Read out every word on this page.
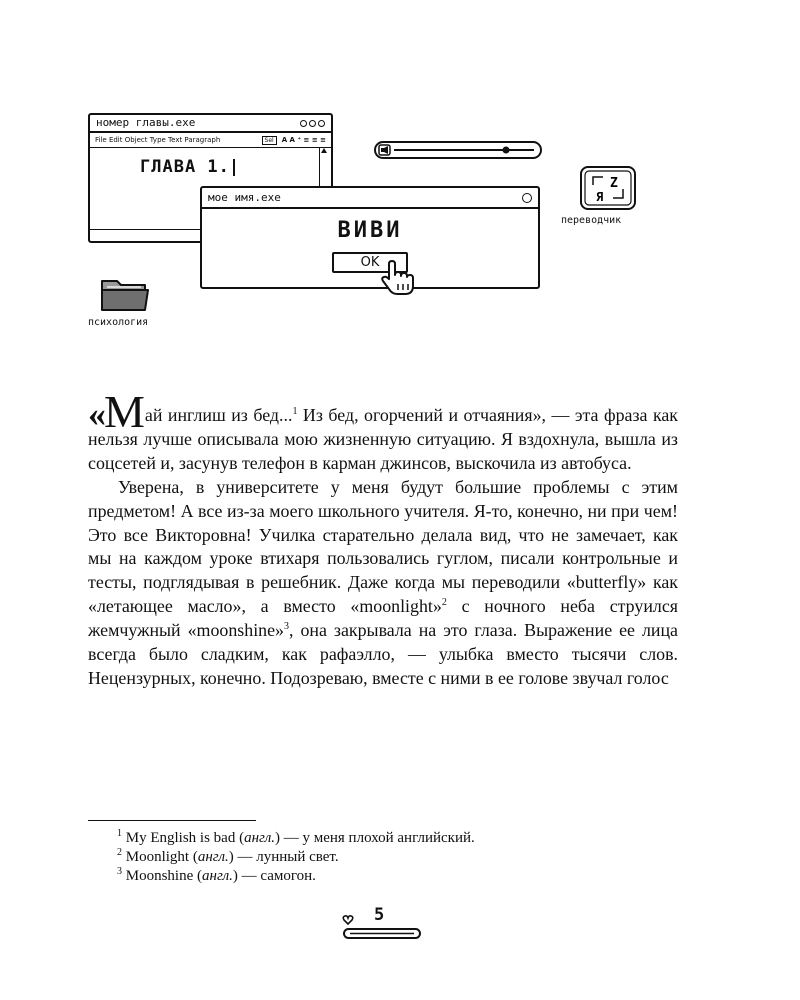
номер главы.exe
File Edit Object Type Text Paragraph	Sel	A A ⁺ ≡ ≡ ≡
ГЛАВА 1.
Z
Я
переводчик
мое имя.exe
ВИВИ
OK
психология

«Май инглиш из бед...$^1$ Из бед, огорчений и отчаяния», — эта фраза как нельзя лучше описывала мою жизненную ситуацию. Я вздохнула, вышла из соцсетей и, засунув телефон в карман джинсов, выскочила из автобуса.

Уверена, в университете у меня будут большие проблемы с этим предметом! А все из-за моего школьного учителя. Я-то, конечно, ни при чем! Это все Викторовна! Училка старательно делала вид, что не замечает, как мы на каждом уроке втихаря пользовались гуглом, писали контрольные и тесты, подглядывая в решебник. Даже когда мы переводили «butterfly» как «летающее масло», а вместо «moonlight»$^2$ с ночного неба струился жемчужный «moonshine»$^3$, она закрывала на это глаза. Выражение ее лица всегда было сладким, как рафаэлло, — улыбка вместо тысячи слов. Нецензурных, конечно. Подозреваю, вместе с ними в ее голове звучал голос

$^1$ My English is bad (англ.) — у меня плохой английский.
$^2$ Moonlight (англ.) — лунный свет.
$^3$ Moonshine (англ.) — самогон.
5
